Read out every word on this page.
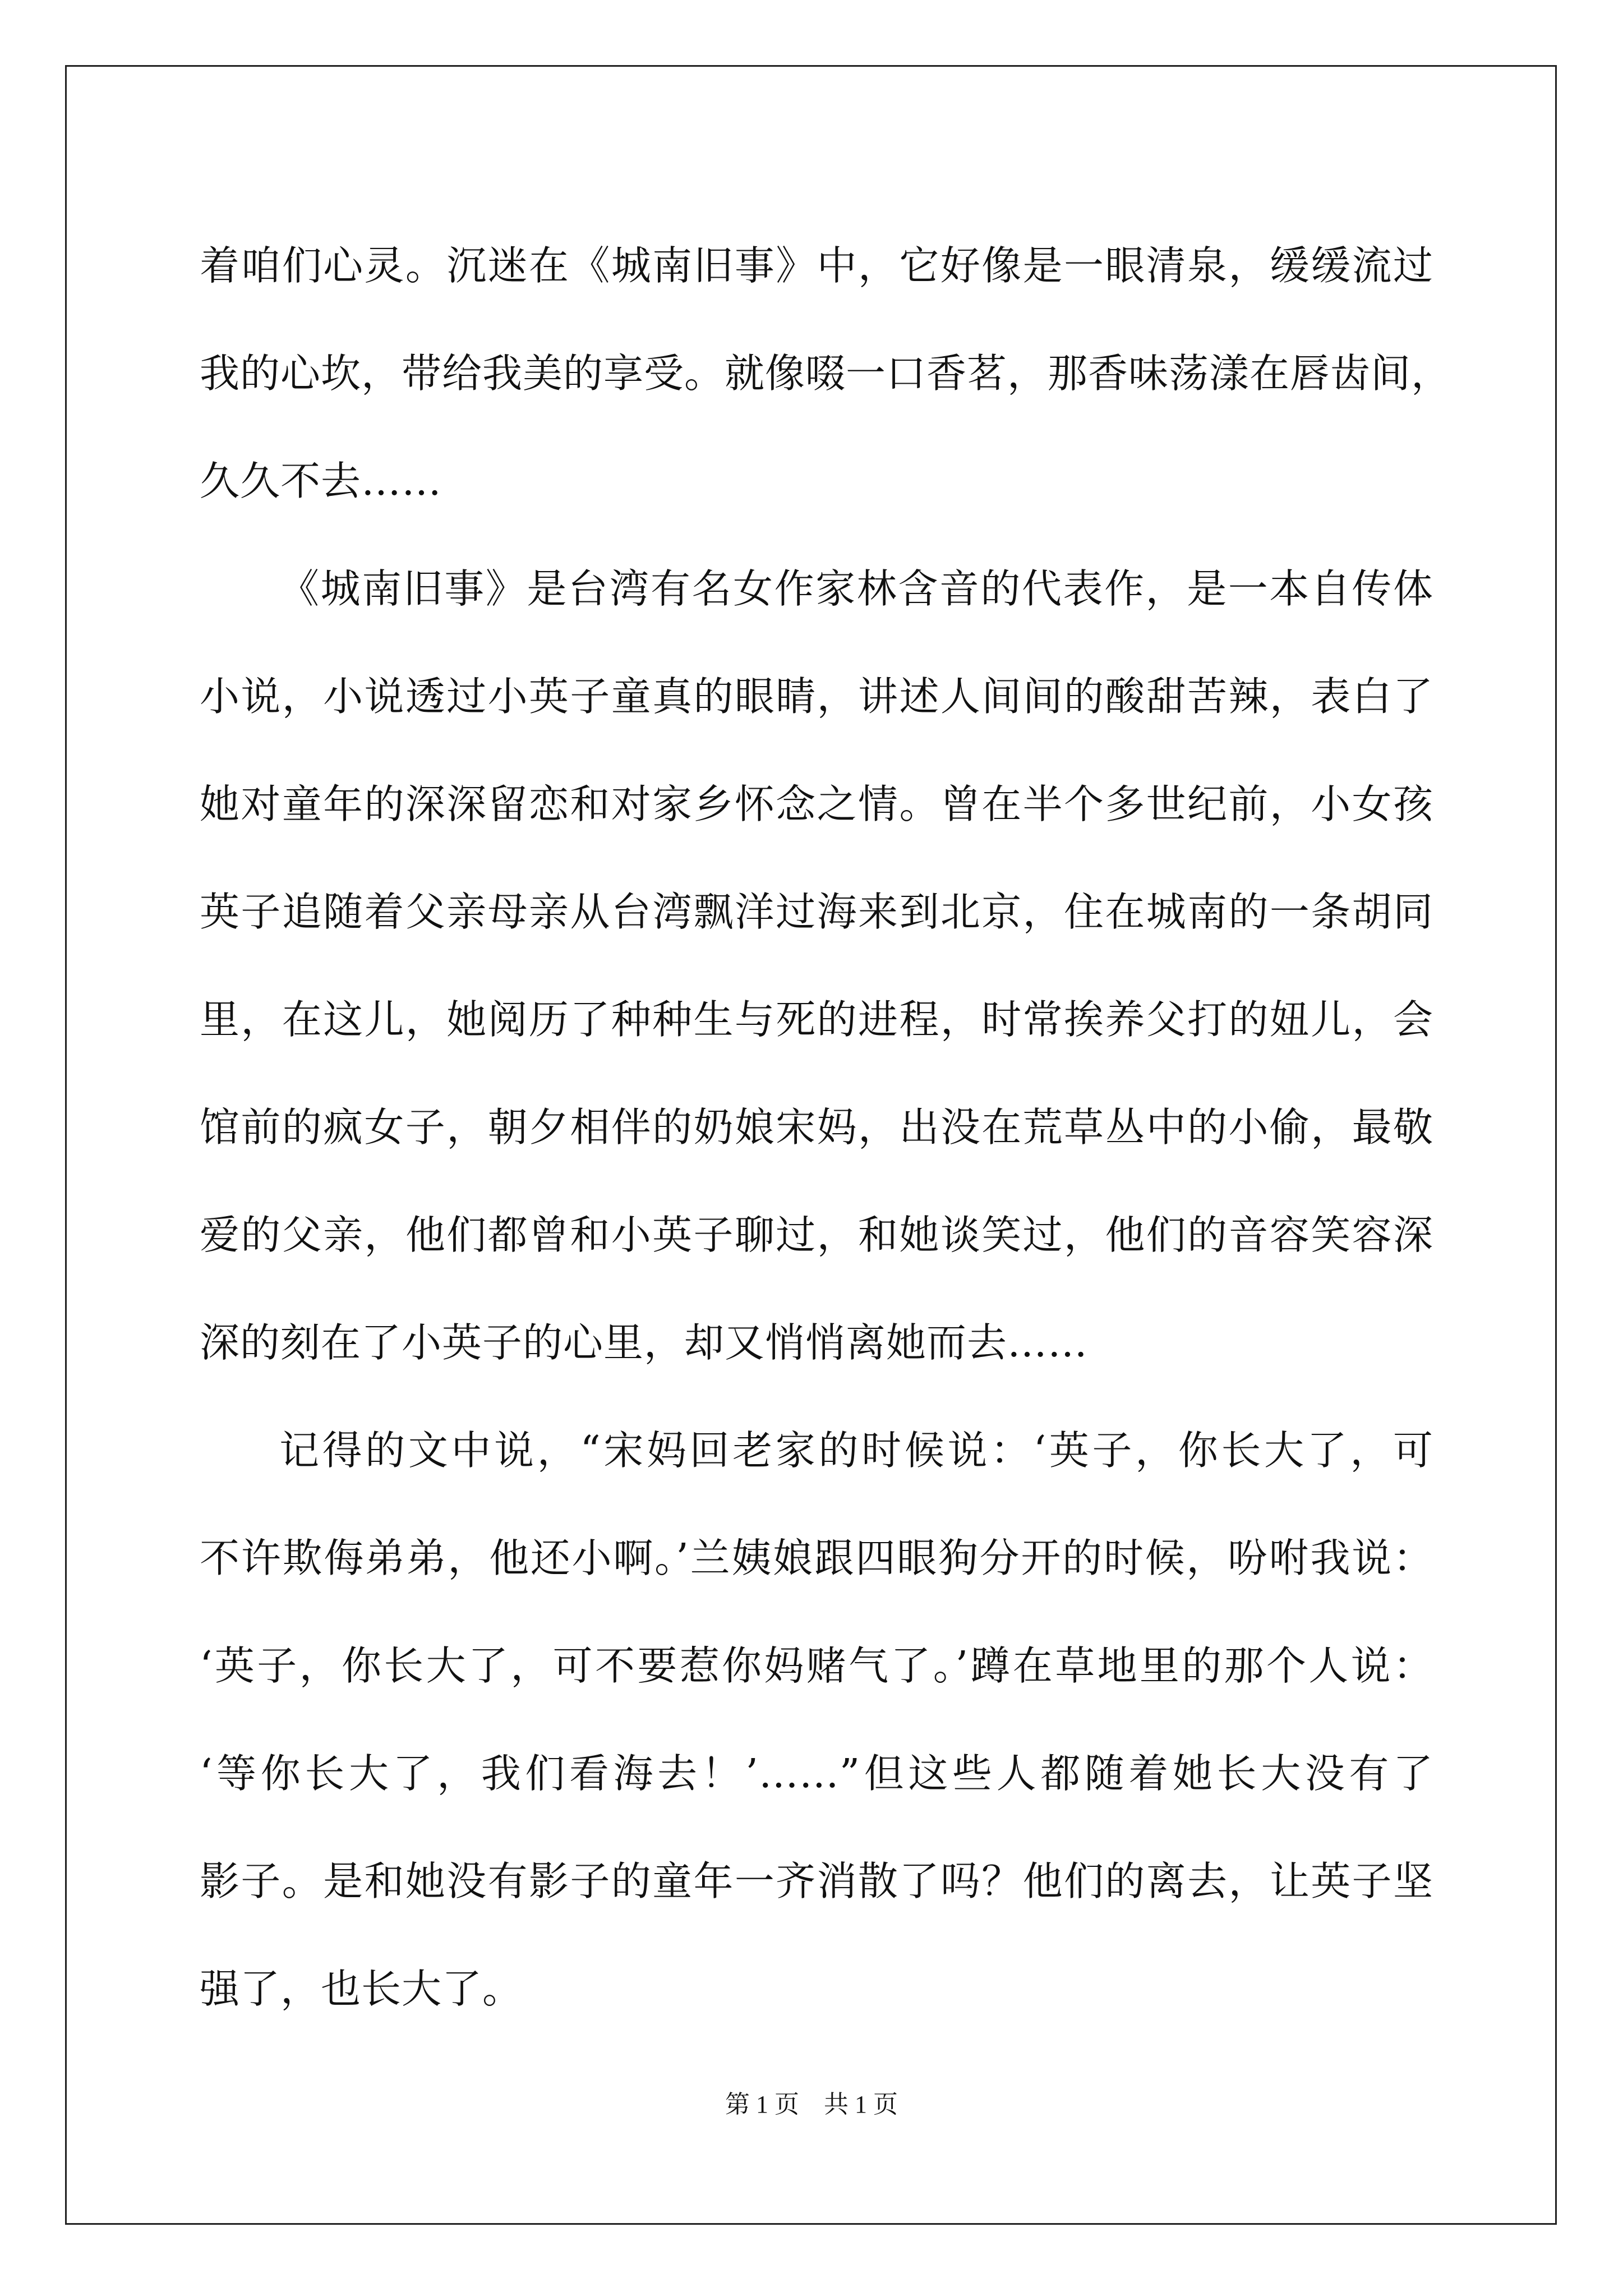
着咱们心灵。沉迷在《城南旧事》中，它好像是一眼清泉，缓缓流过
我的心坎，带给我美的享受。就像啜一口香茗，那香味荡漾在唇齿间，
久久不去……
《城南旧事》是台湾有名女作家林含音的代表作，是一本自传体
小说，小说透过小英子童真的眼睛，讲述人间间的酸甜苦辣，表白了
她对童年的深深留恋和对家乡怀念之情。曾在半个多世纪前，小女孩
英子追随着父亲母亲从台湾飘洋过海来到北京，住在城南的一条胡同
里，在这儿，她阅历了种种生与死的进程，时常挨养父打的妞儿，会
馆前的疯女子，朝夕相伴的奶娘宋妈，出没在荒草丛中的小偷，最敬
爱的父亲，他们都曾和小英子聊过，和她谈笑过，他们的音容笑容深
深的刻在了小英子的心里，却又悄悄离她而去……
记得的文中说，“宋妈回老家的时候说：‘英子，你长大了，可
不许欺侮弟弟，他还小啊。’兰姨娘跟四眼狗分开的时候，吩咐我说：
‘英子，你长大了，可不要惹你妈赌气了。’蹲在草地里的那个人说：
‘等你长大了，我们看海去！’……”但这些人都随着她长大没有了
影子。是和她没有影子的童年一齐消散了吗？他们的离去，让英子坚
强了，也长大了。
第 1 页    共 1 页
